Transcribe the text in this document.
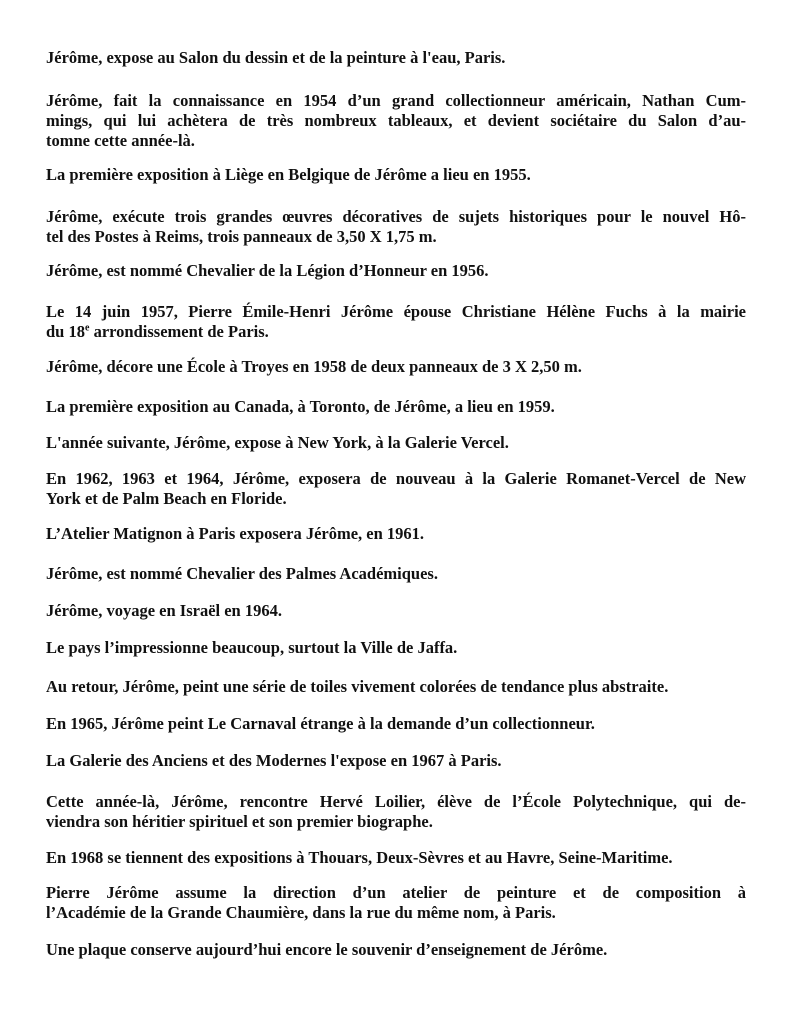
Jérôme, expose au Salon du dessin et de la peinture à l'eau, Paris.

Jérôme, fait la connaissance en 1954 d’un grand collectionneur américain, Nathan Cum-
mings, qui lui achètera de très nombreux tableaux, et devient sociétaire du Salon d’au-
tomne cette année-là.

La première exposition à Liège en Belgique de Jérôme a lieu en 1955.

Jérôme, exécute trois grandes œuvres décoratives de sujets historiques pour le nouvel Hô-
tel des Postes à Reims, trois panneaux de 3,50 X 1,75 m.

Jérôme, est nommé Chevalier de la Légion d’Honneur en 1956.

Le 14 juin 1957, Pierre Émile-Henri Jérôme épouse Christiane Hélène Fuchs à la mairie
du 18e arrondissement de Paris.

Jérôme, décore une École à Troyes en 1958 de deux panneaux de 3 X 2,50 m.

La première exposition au Canada, à Toronto, de Jérôme, a lieu en 1959.

L'année suivante, Jérôme, expose à New York, à la Galerie Vercel.

En 1962, 1963 et 1964, Jérôme, exposera de nouveau à la Galerie Romanet-Vercel de New
York et de Palm Beach en Floride.

L’Atelier Matignon à Paris exposera Jérôme, en 1961.

Jérôme, est nommé Chevalier des Palmes Académiques.

Jérôme, voyage en Israël en 1964.

Le pays l’impressionne beaucoup, surtout la Ville de Jaffa.

Au retour, Jérôme, peint une série de toiles vivement colorées de tendance plus abstraite.

En 1965, Jérôme peint Le Carnaval étrange à la demande d’un collectionneur.

La Galerie des Anciens et des Modernes l'expose en 1967 à Paris.

Cette année-là, Jérôme, rencontre Hervé Loilier, élève de l’École Polytechnique, qui de-
viendra son héritier spirituel et son premier biographe.

En 1968 se tiennent des expositions à Thouars, Deux-Sèvres et au Havre, Seine-Maritime.

Pierre Jérôme assume la direction d’un atelier de peinture et de composition à
l’Académie de la Grande Chaumière, dans la rue du même nom, à Paris.

Une plaque conserve aujourd’hui encore le souvenir d’enseignement de Jérôme.
